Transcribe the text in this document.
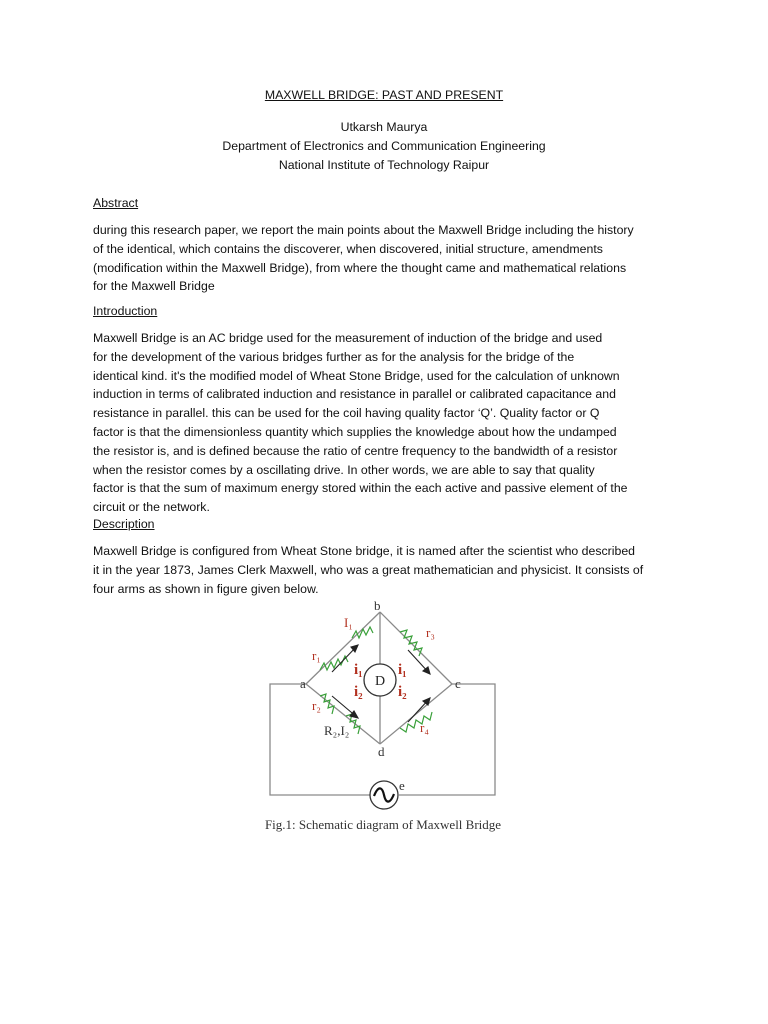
MAXWELL BRIDGE: PAST AND PRESENT
Utkarsh Maurya
Department of Electronics and Communication Engineering
National Institute of Technology Raipur
Abstract
during this research paper, we report the main points about the Maxwell Bridge including the history
of the identical, which contains the discoverer, when discovered, initial structure, amendments
(modification within the Maxwell Bridge), from where the thought came and mathematical relations
for the Maxwell Bridge
Introduction
Maxwell Bridge is an AC bridge used for the measurement of induction of the bridge and used
for the development of the various bridges further as for the analysis for the bridge of the
identical kind. it's the modified model of Wheat Stone Bridge, used for the calculation of unknown
induction in terms of calibrated induction and resistance in parallel or calibrated capacitance and
resistance in parallel. this can be used for the coil having quality factor ‘Q’. Quality factor or Q
factor is that the dimensionless quantity which supplies the knowledge about how the undamped
the resistor is, and is defined because the ratio of centre frequency to the bandwidth of a resistor
when the resistor comes by a oscillating drive. In other words, we are able to say that quality
factor is that the sum of maximum energy stored within the each active and passive element of the
circuit or the network.
Description
Maxwell Bridge is configured from Wheat Stone bridge, it is named after the scientist who described
it in the year 1873, James Clerk Maxwell, who was a great mathematician and physicist. It consists of
four arms as shown in figure given below.
D
a
b
c
d
e
I₁
r₁
r₃
r₂
r₄
R₂,I₂
i₁
i₂
i₁
i₂
Fig.1: Schematic diagram of Maxwell Bridge
